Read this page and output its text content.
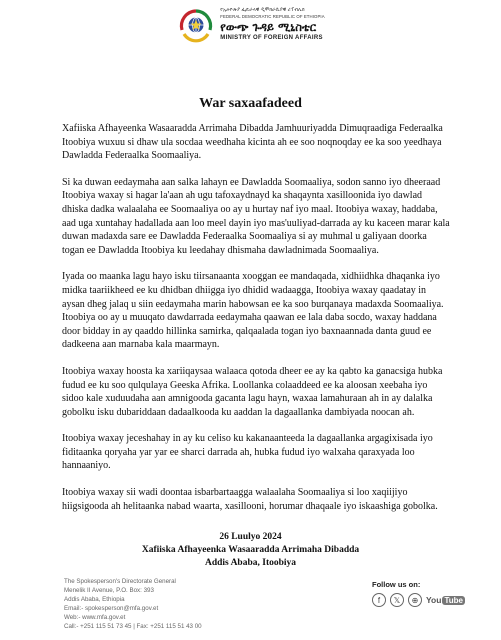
የኢትዮጵያ ፌዴራላዊ ዲሞክራሲያዊ ሪፐብሊክ
FEDERAL DEMOCRATIC REPUBLIC OF ETHIOPIA
የውጭ ጉዳይ ሚኒስቴር
MINISTRY OF FOREIGN AFFAIRS
War saxaafadeed

Xafiiska Afhayeenka Wasaaradda Arrimaha Dibadda Jamhuuriyadda Dimuqraadiga Federaalka Itoobiya wuxuu si dhaw ula socdaa weedhaha kicinta ah ee soo noqnoqday ee ka soo yeedhaya Dawladda Federaalka Soomaaliya.

Si ka duwan eedaymaha aan salka lahayn ee Dawladda Soomaaliya, sodon sanno iyo dheeraad Itoobiya waxay si hagar la'aan ah ugu tafoxaydnayd ka shaqaynta xasilloonida iyo dawlad dhiska dadka walaalaha ee Soomaaliya oo ay u hurtay naf iyo maal. Itoobiya waxay, haddaba, aad uga xuntahay hadallada aan loo meel dayin iyo mas'uuliyad-darrada ay ku kaceen marar kala duwan madaxda sare ee Dawladda Federaalka Soomaaliya si ay muhmal u galiyaan doorka togan ee Dawladda Itoobiya ku leedahay dhismaha dawladnimada Soomaaliya.

Iyada oo maanka lagu hayo isku tiirsanaanta xooggan ee mandaqada, xidhiidhka dhaqanka iyo midka taariikheed ee ku dhidban dhiigga iyo dhidid wadaagga, Itoobiya waxay qaadatay in aysan dheg jalaq u siin eedaymaha marin habowsan ee ka soo burqanaya madaxda Soomaaliya. Itoobiya oo ay u muuqato dawdarrada eedaymaha qaawan ee lala daba socdo, waxay haddana door bidday in ay qaaddo hillinka samirka, qalqaalada togan iyo baxnaannada danta guud ee dadkeena aan marnaba kala maarmayn.

Itoobiya waxay hoosta ka xariiqaysaa walaaca qotoda dheer ee ay ka qabto ka ganacsiga hubka fudud ee ku soo qulqulaya Geeska Afrika. Loollanka colaaddeed ee ka aloosan xeebaha iyo sidoo kale xuduudaha aan amnigooda gacanta lagu hayn, waxaa lamahuraan ah in ay dalalka gobolku isku dubariddaan dadaalkooda ku aaddan la dagaallanka dambiyada noocan ah.

Itoobiya waxay jeceshahay in ay ku celiso ku kakanaanteeda la dagaallanka argagixisada iyo fiditaanka qoryaha yar yar ee sharci darrada ah, hubka fudud iyo walxaha qaraxyada loo hannaaniyo.

Itoobiya waxay sii wadi doontaa isbarbartaagga walaalaha Soomaaliya si loo xaqiijiyo hiigsigooda ah helitaanka nabad waarta, xasillooni, horumar dhaqaale iyo iskaashiga gobolka.

26 Luulyo 2024
Xafiiska Afhayeenka Wasaaradda Arrimaha Dibadda
Addis Ababa, Itoobiya
The Spokesperson's Directorate General
Menelik II Avenue, P.O. Box: 393
Addis Ababa, Ethiopia
Email:- spokesperson@mfa.gov.et
Web:- www.mfa.gov.et
Call:- +251 115 51 73 45 | Fax: +251 115 51 43 00
Follow us on:
f	𝕏	⊕ You Tube
